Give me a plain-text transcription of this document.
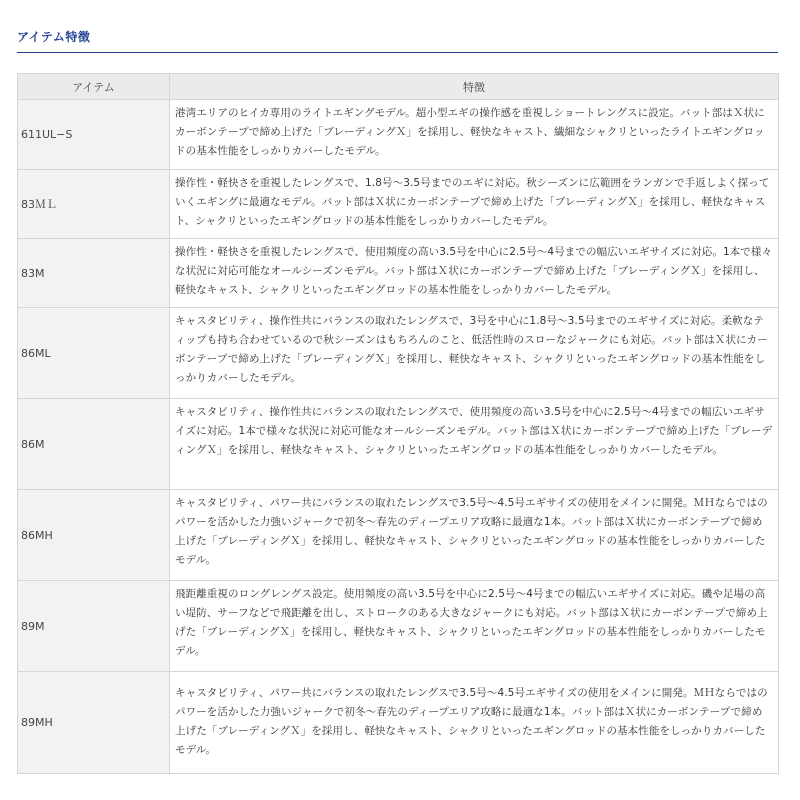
アイテム特徴
アイテム	特徴
611UL−S	港湾エリアのヒイカ専用のライトエギングモデル。超小型エギの操作感を重視しショートレングスに設定。バット部はＸ状にカーボンテープで締め上げた「ブレーディングＸ」を採用し、軽快なキャスト、繊細なシャクリといったライトエギングロッドの基本性能をしっかりカバーしたモデル。
83ＭＬ	操作性・軽快さを重視したレングスで、1.8号〜3.5号までのエギに対応。秋シーズンに広範囲をランガンで手返しよく探っていくエギングに最適なモデル。バット部はＸ状にカーボンテープで締め上げた「ブレーディングＸ」を採用し、軽快なキャスト、シャクリといったエギングロッドの基本性能をしっかりカバーしたモデル。
83M	操作性・軽快さを重視したレングスで、使用頻度の高い3.5号を中心に2.5号〜4号までの幅広いエギサイズに対応。1本で様々な状況に対応可能なオールシーズンモデル。バット部はＸ状にカーボンテープで締め上げた「ブレーディングＸ」を採用し、軽快なキャスト、シャクリといったエギングロッドの基本性能をしっかりカバーしたモデル。
86ML	キャスタビリティ、操作性共にバランスの取れたレングスで、3号を中心に1.8号〜3.5号までのエギサイズに対応。柔軟なティップも持ち合わせているので秋シーズンはもちろんのこと、低活性時のスローなジャークにも対応。バット部はＸ状にカーボンテープで締め上げた「ブレーディングＸ」を採用し、軽快なキャスト、シャクリといったエギングロッドの基本性能をしっかりカバーしたモデル。
86M	キャスタビリティ、操作性共にバランスの取れたレングスで、使用頻度の高い3.5号を中心に2.5号〜4号までの幅広いエギサイズに対応。1本で様々な状況に対応可能なオールシーズンモデル。バット部はＸ状にカーボンテープで締め上げた「ブレーディングＸ」を採用し、軽快なキャスト、シャクリといったエギングロッドの基本性能をしっかりカバーしたモデル。
86MH	キャスタビリティ、パワー共にバランスの取れたレングスで3.5号〜4.5号エギサイズの使用をメインに開発。ＭＨならではのパワーを活かした力強いジャークで初冬〜春先のディープエリア攻略に最適な1本。バット部はＸ状にカーボンテープで締め上げた「ブレーディングＸ」を採用し、軽快なキャスト、シャクリといったエギングロッドの基本性能をしっかりカバーしたモデル。
89M	飛距離重視のロングレングス設定。使用頻度の高い3.5号を中心に2.5号〜4号までの幅広いエギサイズに対応。磯や足場の高い堤防、サーフなどで飛距離を出し、ストロークのある大きなジャークにも対応。バット部はＸ状にカーボンテープで締め上げた「ブレーディングＸ」を採用し、軽快なキャスト、シャクリといったエギングロッドの基本性能をしっかりカバーしたモデル。
89MH	キャスタビリティ、パワー共にバランスの取れたレングスで3.5号〜4.5号エギサイズの使用をメインに開発。ＭＨならではのパワーを活かした力強いジャークで初冬〜春先のディープエリア攻略に最適な1本。バット部はＸ状にカーボンテープで締め上げた「ブレーディングＸ」を採用し、軽快なキャスト、シャクリといったエギングロッドの基本性能をしっかりカバーしたモデル。
